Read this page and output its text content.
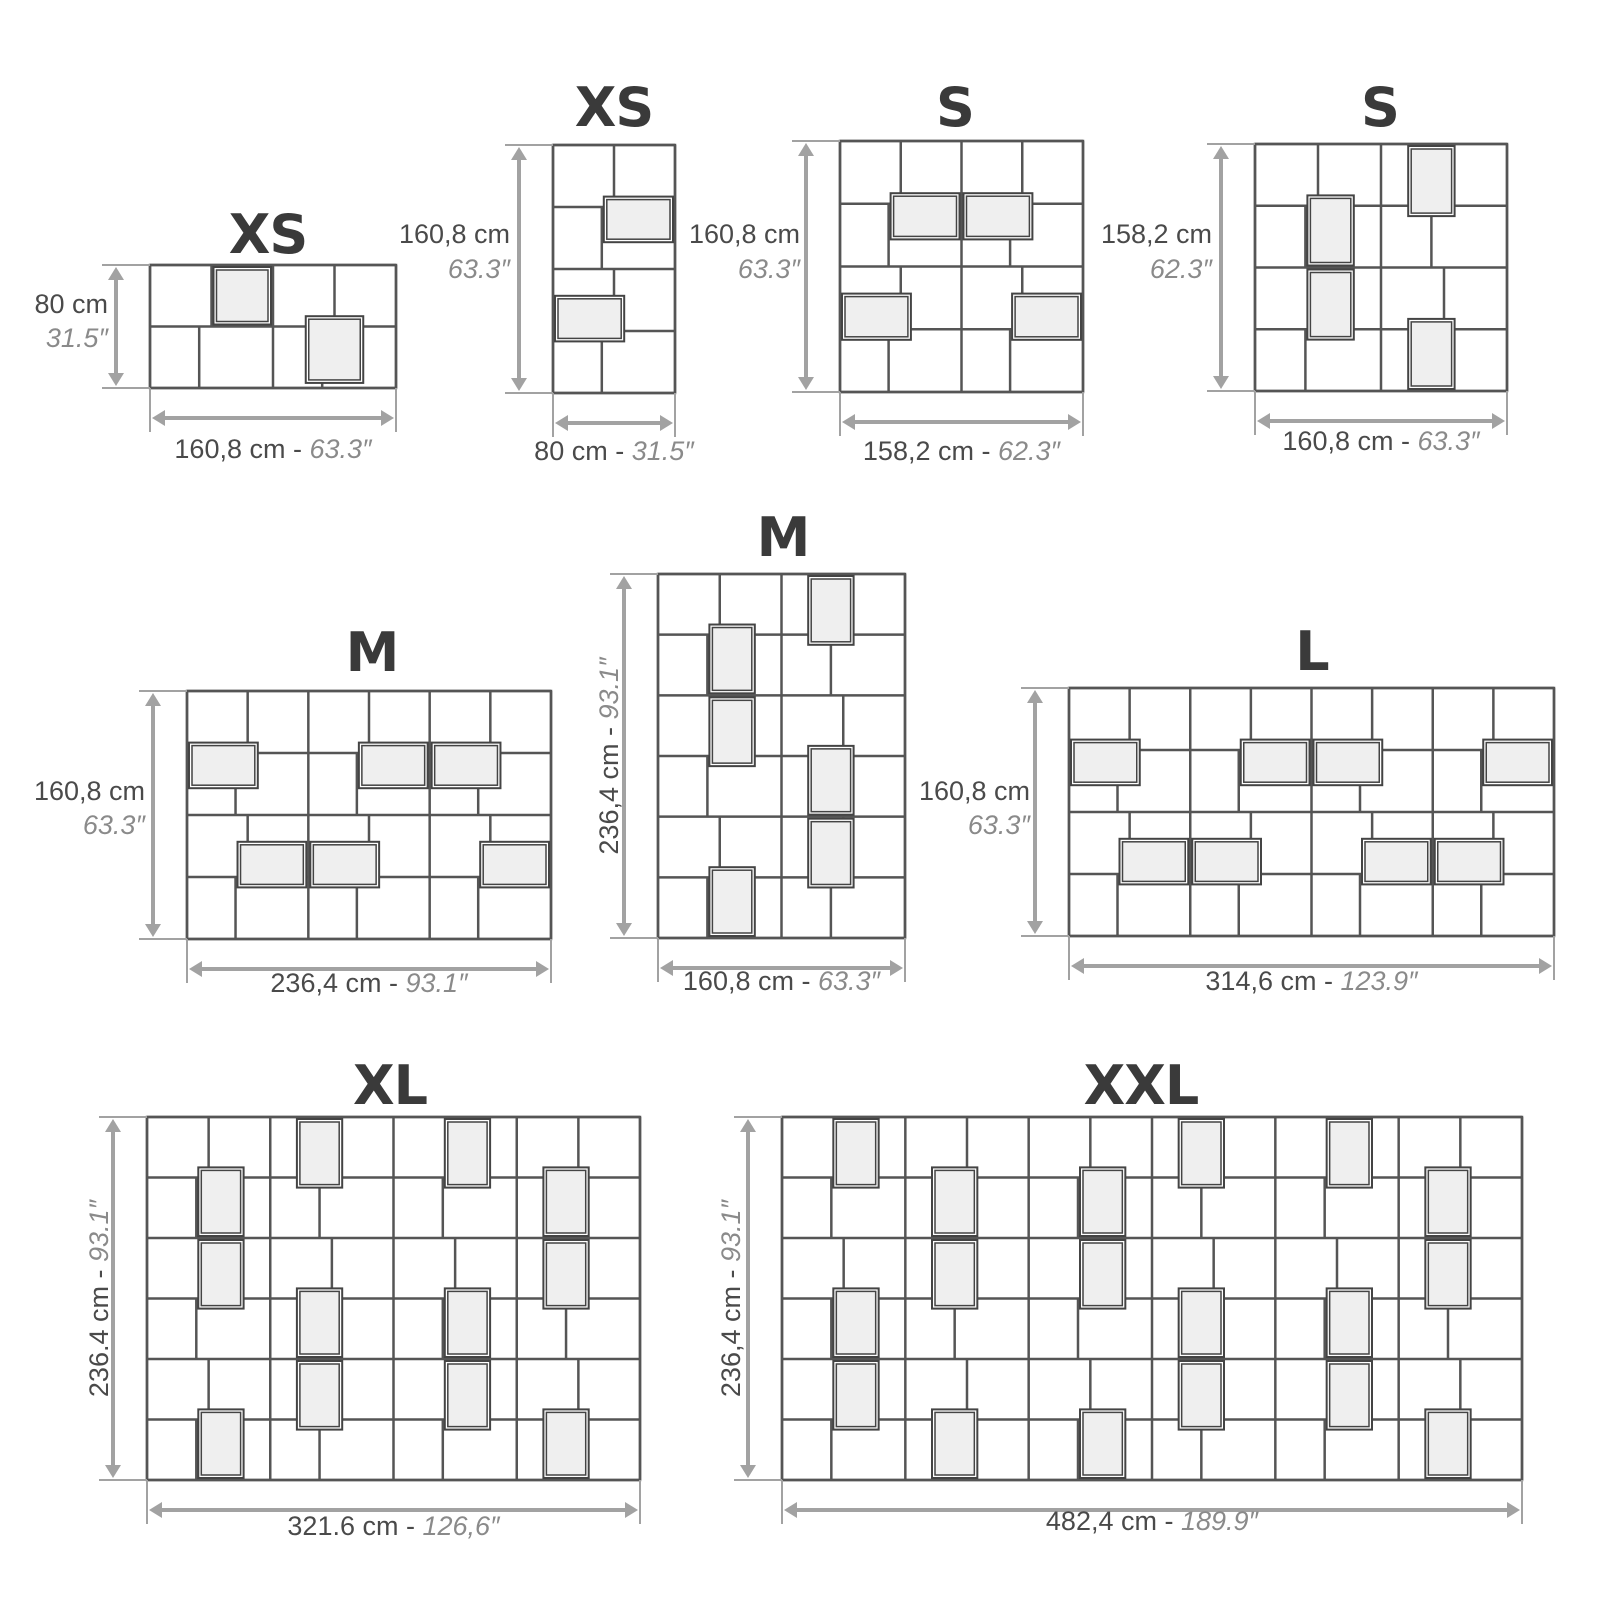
XS
160,8 cm - 63.3″
80 cm
31.5″
XS
80 cm - 31.5″
160,8 cm
63.3″
S
158,2 cm - 62.3″
160,8 cm
63.3″
S
160,8 cm - 63.3″
158,2 cm
62.3″
M
236,4 cm - 93.1″
160,8 cm
63.3″
M
160,8 cm - 63.3″
236,4 cm - 93.1″
L
314,6 cm - 123.9″
160,8 cm
63.3″
XL
321.6 cm - 126,6″
236.4 cm - 93.1″
XXL
482,4 cm - 189.9″
236,4 cm - 93.1″
